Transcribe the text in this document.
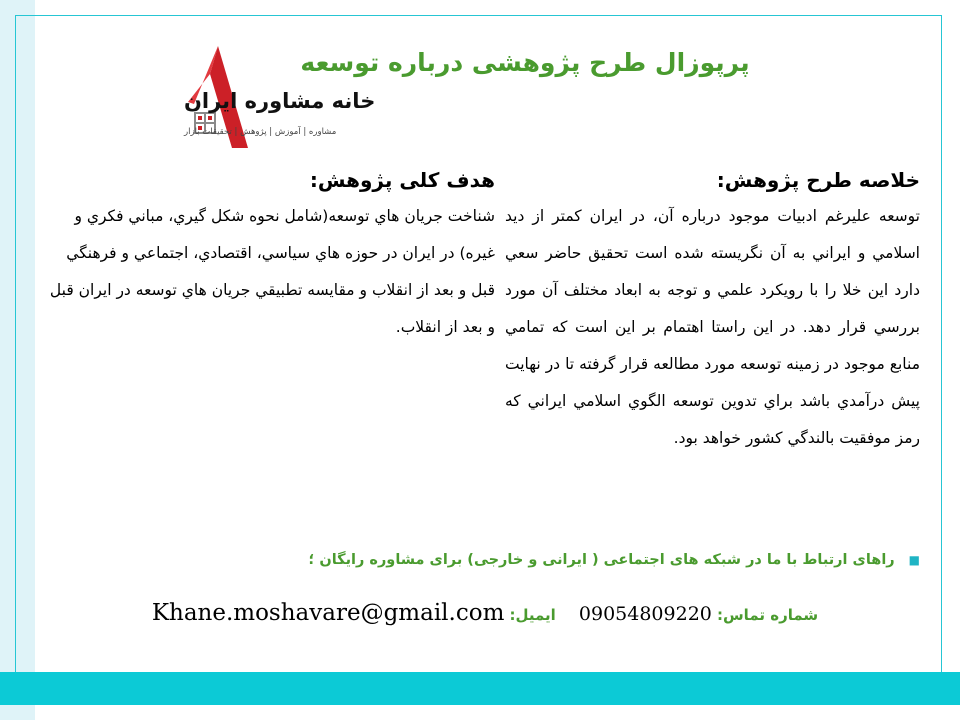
خانه مشاوره ایران
مشاوره | آموزش | پژوهش | تحقیقات بازار
پرپوزال طرح پژوهشی درباره توسعه
خلاصه طرح پژوهش:
توسعه عليرغم ادبيات موجود درباره آن، در ايران كمتر از ديد اسلامي و ايراني به آن نگريسته شده است تحقيق حاضر سعي دارد اين خلا را با رويكرد علمي و توجه به ابعاد مختلف آن مورد بررسي قرار دهد. در اين راستا اهتمام بر اين است كه تمامي منابع موجود در زمينه توسعه مورد مطالعه قرار گرفته تا در نهايت پيش درآمدي باشد براي تدوين توسعه الگوي اسلامي ايراني كه رمز موفقيت بالندگي كشور خواهد بود.
هدف کلی پژوهش:
شناخت جريان هاي توسعه(شامل نحوه شكل گيري، مباني فكري و غيره) در ايران در حوزه هاي سياسي، اقتصادي، اجتماعي و فرهنگي قبل و بعد از انقلاب و مقايسه تطبيقي جريان هاي توسعه در ايران قبل و بعد از انقلاب.
■راهای ارتباط با ما در شبکه های اجتماعی ( ایرانی و خارجی) برای مشاوره رایگان ؛
شماره تماس: 09054809220 ایمیل: Khane.moshavare@gmail.com
